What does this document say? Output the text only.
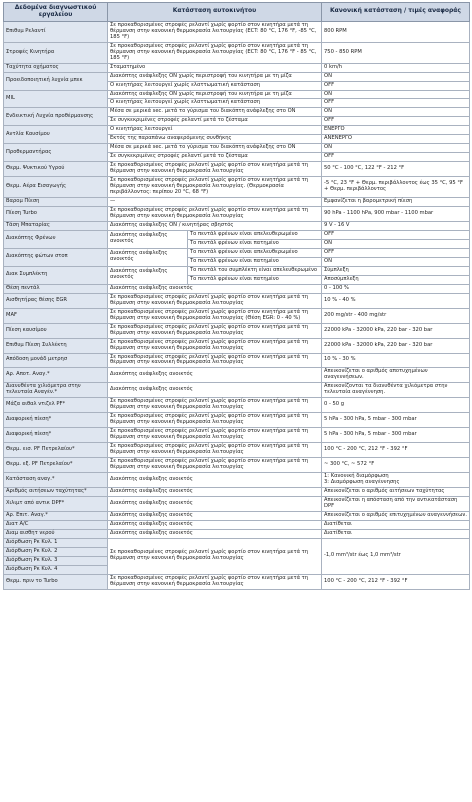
Δεδομένα διαγνωστικού εργαλείου	Κατάσταση αυτοκινήτου		Κανονική κατάσταση / τιμές αναφοράς
Επιθυμ Ρελαντί	Σε προκαθορισμένες στροφές ρελαντί χωρίς φορτίο στον κινητήρα μετά τη θέρμανση στην κανονική θερμοκρασία λειτουργίας (ECT: 80 °C, 176 °F, -85 °C, 185 °F)		800 RPM
Στροφές Κινητήρα	Σε προκαθορισμένες στροφές ρελαντί χωρίς φορτίο στον κινητήρα μετά τη θέρμανση στην κανονική θερμοκρασία λειτουργίας (ECT: 80 °C, 176 °F - 85 °C, 185 °F)		750 - 850 RPM
Ταχύτητα οχήματος	Σταματημένο		0 km/h
Προειδοποιητική λυχνία μπεκ	Διακόπτης ανάφλεξης ON χωρίς περιστροφή του κινητήρα με τη μίζα		ON
	Ο κινητήρας λειτουργεί χωρίς ελαττωματική κατάσταση		OFF
MIL	Διακόπτης ανάφλεξης ON χωρίς περιστροφή του κινητήρα με τη μίζα		ON
	Ο κινητήρας λειτουργεί χωρίς ελαττωματική κατάσταση		OFF
Ενδεικτική Λυχνία προθέρμανσης	Μέσα σε μερικά sec. μετά το γύρισμα του διακόπτη ανάφλεξης στο ON		ON
	Σε συγκεκριμένες στροφές ρελαντί μετά το ζέσταμα		OFF
Αντλία Καυσίμου	Ο κινητήρας λειτουργεί		ΕΝΕΡΓΟ
	Εκτός της παραπάνω αναφερόμενης συνθήκης		ΑΝΕΝΕΡΓΟ
Προθερμαντήρας	Μέσα σε μερικά sec. μετά το γύρισμα του διακόπτη ανάφλεξης στο ON		ON
	Σε συγκεκριμένες στροφές ρελαντί μετά το ζέσταμα		OFF
Θερμ. Ψυκτικού Υγρού	Σε προκαθορισμένες στροφές ρελαντί χωρίς φορτίο στον κινητήρα μετά τη θέρμανση στην κανονική θερμοκρασία λειτουργίας		50 °C - 100 °C, 122 °F - 212 °F
Θερμ. Αέρα Εισαγωγής	Σε προκαθορισμένες στροφές ρελαντί χωρίς φορτίο στον κινητήρα μετά τη θέρμανση στην κανονική θερμοκρασία λειτουργίας. (Θερμοκρασία περιβάλλοντος: περίπου 20 °C, 68 °F)		-5 °C, 23 °F + Θερμ. περιβάλλοντος έως 35 °C, 95 °F + Θερμ. περιβάλλοντος
Βαρομ Πίεση	—		Εμφανίζεται η βαρομετρική πίεση
Πίεση Turbo	Σε προκαθορισμένες στροφές ρελαντί χωρίς φορτίο στον κινητήρα μετά τη θέρμανση στην κανονική θερμοκρασία λειτουργίας		90 hPa - 1100 hPa, 900 mbar - 1100 mbar
Τάση Μπαταρίας	Διακόπτης ανάφλεξης ON / κινητήρας σβηστός		9 V - 16 V
Διακόπτης Φρένων	Διακόπτης ανάφλεξης ανοικτός	Το πεντάλ φρένων είναι απελευθερωμένο	OFF
		Το πεντάλ φρένων είναι πατημένο	ON
Διακόπτης φώτων στοπ	Διακόπτης ανάφλεξης ανοικτός	Το πεντάλ φρένων είναι απελευθερωμένο	OFF
		Το πεντάλ φρένων είναι πατημένο	ON
Διακ Συμπλέκτη	Διακόπτης ανάφλεξης ανοικτός	Το πεντάλ του συμπλέκτη είναι απελευθερωμένο	Σύμπλεξη
		Το πεντάλ φρένων είναι πατημένο	Αποσύμπλεξη
Θέση πεντάλ	Διακόπτης ανάφλεξης ανοικτός		0 - 100 %
Αισθητήρας θέσης EGR	Σε προκαθορισμένες στροφές ρελαντί χωρίς φορτίο στον κινητήρα μετά τη θέρμανση στην κανονική θερμοκρασία λειτουργίας		10 % - 40 %
MAF	Σε προκαθορισμένες στροφές ρελαντί χωρίς φορτίο στον κινητήρα μετά τη θέρμανση στην κανονική θερμοκρασία λειτουργίας (Θέση EGR: 0 - 40 %)		200 mg/str - 400 mg/str
Πίεση καυσίμου	Σε προκαθορισμένες στροφές ρελαντί χωρίς φορτίο στον κινητήρα μετά τη θέρμανση στην κανονική θερμοκρασία λειτουργίας		22000 kPa - 32000 kPa, 220 bar - 320 bar
Επιθυμ Πίεση Συλλέκτη	Σε προκαθορισμένες στροφές ρελαντί χωρίς φορτίο στον κινητήρα μετά τη θέρμανση στην κανονική θερμοκρασία λειτουργίας		22000 kPa - 32000 kPa, 220 bar - 320 bar
Απόδοση μονάδ μετρησ	Σε προκαθορισμένες στροφές ρελαντί χωρίς φορτίο στον κινητήρα μετά τη θέρμανση στην κανονική θερμοκρασία λειτουργίας		10 % - 30 %
Αρ. Αποτ. Αναγ.*	Διακόπτης ανάφλεξης ανοικτός		Απεικονίζεται ο αριθμός αποτυχημένων αναγεννήσεων.
Διανυθέντα χιλιόμετρα στην τελευταία Αναγέν.*	Διακόπτης ανάφλεξης ανοικτός		Απεικονίζονται τα διανυθέντα χιλιόμετρα στην τελευταία αναγέννηση.
Μάζα αιθαλ ντιζελ PF*	Σε προκαθορισμένες στροφές ρελαντί χωρίς φορτίο στον κινητήρα μετά τη θέρμανση στην κανονική θερμοκρασία λειτουργίας		0 - 50 g
Διαφορική πίεση*	Σε προκαθορισμένες στροφές ρελαντί χωρίς φορτίο στον κινητήρα μετά τη θέρμανση στην κανονική θερμοκρασία λειτουργίας		5 hPa - 300 hPa, 5 mbar - 300 mbar
Διαφορική πίεση*	Σε προκαθορισμένες στροφές ρελαντί χωρίς φορτίο στον κινητήρα μετά τη θέρμανση στην κανονική θερμοκρασία λειτουργίας		5 hPa - 300 hPa, 5 mbar - 300 mbar
Θερμ. εισ. PF Πετρελαίου*	Σε προκαθορισμένες στροφές ρελαντί χωρίς φορτίο στον κινητήρα μετά τη θέρμανση στην κανονική θερμοκρασία λειτουργίας		100 °C - 200 °C, 212 °F - 392 °F
Θερμ. εξ. PF Πετρελαίου*	Σε προκαθορισμένες στροφές ρελαντί χωρίς φορτίο στον κινητήρα μετά τη θέρμανση στην κανονική θερμοκρασία λειτουργίας		~ 300 °C, ~ 572 °F
Κατάσταση αναγ.*	Διακόπτης ανάφλεξης ανοικτός		1: Κανονική διαμόρφωση
3: Διαμόρφωση αναγέννησης
Αριθμός αιτήσεων ταχύτητας*	Διακόπτης ανάφλεξης ανοικτός		Απεικονίζεται ο αριθμός αιτήσεων ταχύτητας
Χιλιμτ από αντικ DPF*	Διακόπτης ανάφλεξης ανοικτός		Απεικονίζεται η απόσταση από την αντικατάσταση DPF
Αρ. Επιτ. Αναγ.*	Διακόπτης ανάφλεξης ανοικτός		Απεικονίζεται ο αριθμός επιτυχημένων αναγεννήσεων.
Διατ A/C	Διακόπτης ανάφλεξης ανοικτός		Διατίθεται
Διαμ αισθητ νερού	Διακόπτης ανάφλεξης ανοικτός		Διατίθεται
Διόρθωση Ρκ Κυλ. 1	Σε προκαθορισμένες στροφές ρελαντί χωρίς φορτίο στον κινητήρα μετά τη θέρμανση στην κανονική θερμοκρασία λειτουργίας		-1,0 mm³/str έως 1,0 mm³/str
Διόρθωση Ρκ Κυλ. 2			
Διόρθωση Ρκ Κυλ. 3			
Διόρθωση Ρκ Κυλ. 4			
Θερμ. πριν το Turbo	Σε προκαθορισμένες στροφές ρελαντί χωρίς φορτίο στον κινητήρα μετά τη θέρμανση στην κανονική θερμοκρασία λειτουργίας		100 °C - 200 °C, 212 °F - 392 °F
